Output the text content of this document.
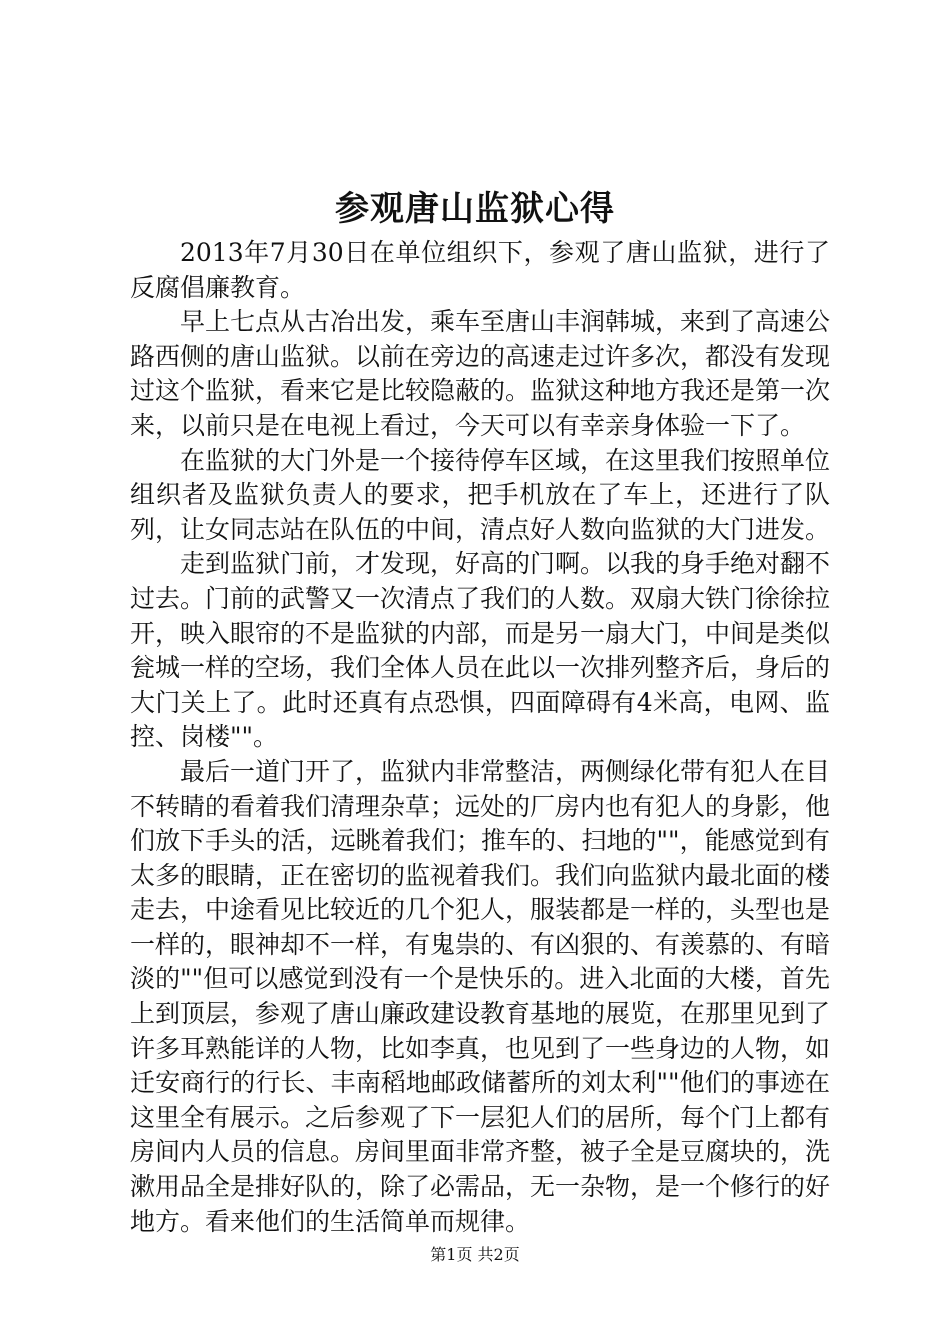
参观唐山监狱心得

2013年7月30日在单位组织下，参观了唐山监狱，进行了反腐倡廉教育。

早上七点从古冶出发，乘车至唐山丰润韩城，来到了高速公路西侧的唐山监狱。以前在旁边的高速走过许多次，都没有发现过这个监狱，看来它是比较隐蔽的。监狱这种地方我还是第一次来，以前只是在电视上看过，今天可以有幸亲身体验一下了。

在监狱的大门外是一个接待停车区域，在这里我们按照单位组织者及监狱负责人的要求，把手机放在了车上，还进行了队列，让女同志站在队伍的中间，清点好人数向监狱的大门进发。

走到监狱门前，才发现，好高的门啊。以我的身手绝对翻不过去。门前的武警又一次清点了我们的人数。双扇大铁门徐徐拉开，映入眼帘的不是监狱的内部，而是另一扇大门，中间是类似瓮城一样的空场，我们全体人员在此以一次排列整齐后，身后的大门关上了。此时还真有点恐惧，四面障碍有4米高，电网、监控、岗楼""。

最后一道门开了，监狱内非常整洁，两侧绿化带有犯人在目不转睛的看着我们清理杂草；远处的厂房内也有犯人的身影，他们放下手头的活，远眺着我们；推车的、扫地的""，能感觉到有太多的眼睛，正在密切的监视着我们。我们向监狱内最北面的楼走去，中途看见比较近的几个犯人，服装都是一样的，头型也是一样的，眼神却不一样，有鬼祟的、有凶狠的、有羡慕的、有暗淡的""但可以感觉到没有一个是快乐的。进入北面的大楼，首先上到顶层，参观了唐山廉政建设教育基地的展览，在那里见到了许多耳熟能详的人物，比如李真，也见到了一些身边的人物，如迁安商行的行长、丰南稻地邮政储蓄所的刘太利""他们的事迹在这里全有展示。之后参观了下一层犯人们的居所，每个门上都有房间内人员的信息。房间里面非常齐整，被子全是豆腐块的，洗漱用品全是排好队的，除了必需品，无一杂物，是一个修行的好地方。看来他们的生活简单而规律。

第1页 共2页
